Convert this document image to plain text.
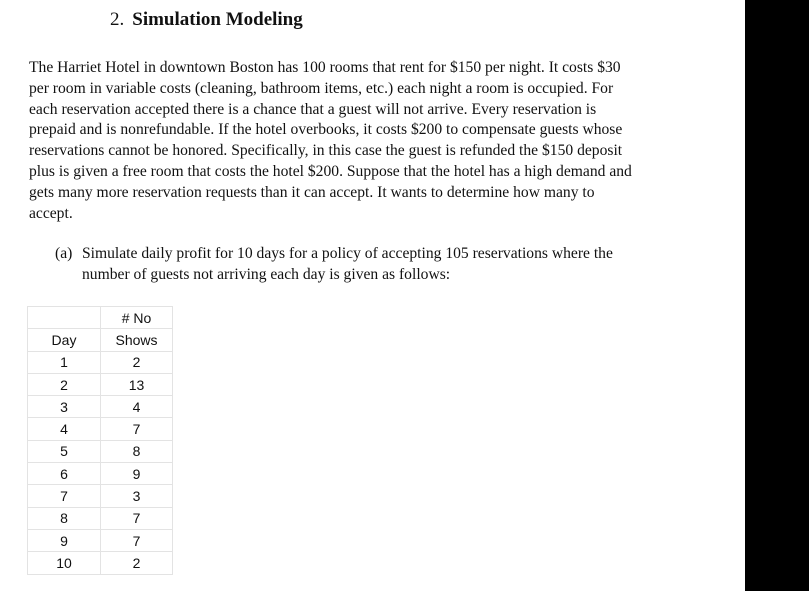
2. Simulation Modeling
The Harriet Hotel in downtown Boston has 100 rooms that rent for $150 per night. It costs $30
per room in variable costs (cleaning, bathroom items, etc.) each night a room is occupied. For
each reservation accepted there is a chance that a guest will not arrive. Every reservation is
prepaid and is nonrefundable. If the hotel overbooks, it costs $200 to compensate guests whose
reservations cannot be honored. Specifically, in this case the guest is refunded the $150 deposit
plus is given a free room that costs the hotel $200. Suppose that the hotel has a high demand and
gets many more reservation requests than it can accept. It wants to determine how many to
accept.
(a) Simulate daily profit for 10 days for a policy of accepting 105 reservations where the
number of guests not arriving each day is given as follows:
	# No
Day	Shows
1	2
2	13
3	4
4	7
5	8
6	9
7	3
8	7
9	7
10	2
